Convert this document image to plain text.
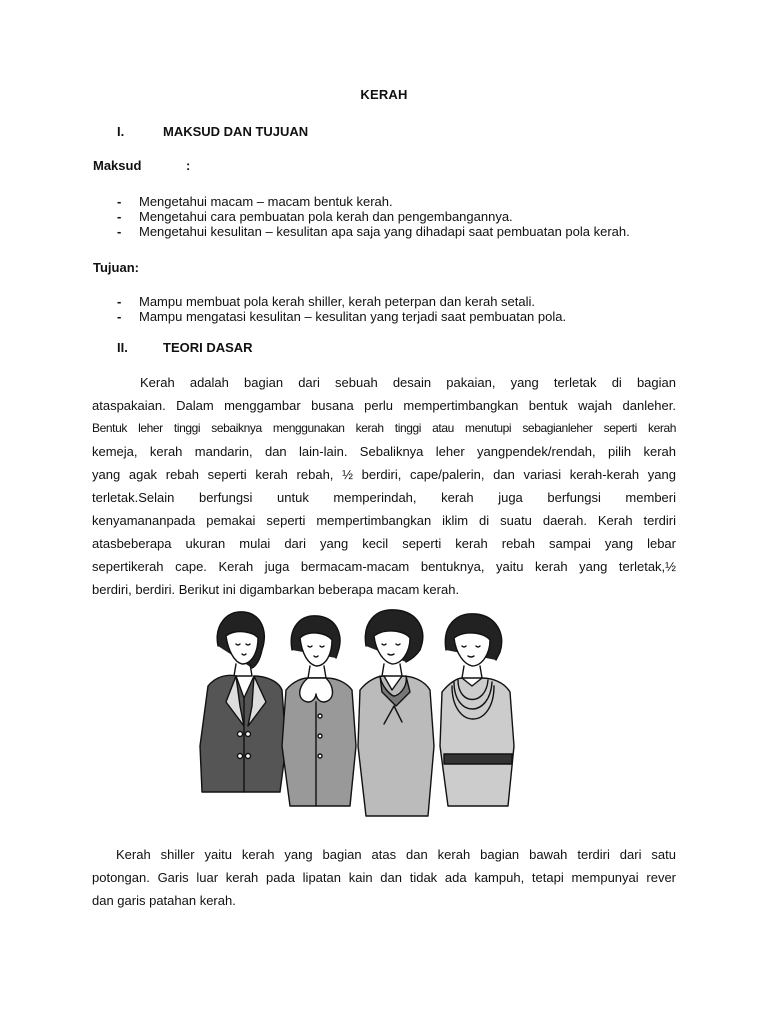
KERAH
I.	MAKSUD DAN TUJUAN
Maksud	:
- Mengetahui macam – macam bentuk kerah.
- Mengetahui cara pembuatan pola kerah dan pengembangannya.
- Mengetahui kesulitan – kesulitan apa saja yang dihadapi saat pembuatan pola kerah.
Tujuan:
- Mampu membuat pola kerah shiller, kerah peterpan dan kerah setali.
- Mampu mengatasi kesulitan – kesulitan yang terjadi saat pembuatan pola.
II.	TEORI DASAR

Kerah adalah bagian dari sebuah desain pakaian, yang terletak di bagian
ataspakaian. Dalam menggambar busana perlu mempertimbangkan bentuk wajah danleher.
Bentuk leher tinggi sebaiknya menggunakan kerah tinggi atau menutupi sebagianleher seperti kerah
kemeja, kerah mandarin, dan lain-lain. Sebaliknya leher yangpendek/rendah, pilih kerah
yang agak rebah seperti kerah rebah, ½ berdiri, cape/palerin, dan variasi kerah-kerah yang
terletak.Selain berfungsi untuk memperindah, kerah juga berfungsi memberi
kenyamananpada pemakai seperti mempertimbangkan iklim di suatu daerah. Kerah terdiri
atasbeberapa ukuran mulai dari yang kecil seperti kerah rebah sampai yang lebar
sepertikerah cape. Kerah juga bermacam-macam bentuknya, yaitu kerah yang terletak,½
berdiri, berdiri. Berikut ini digambarkan beberapa macam kerah.

Kerah shiller yaitu kerah yang bagian atas dan kerah bagian bawah terdiri dari satu
potongan. Garis luar kerah pada lipatan kain dan tidak ada kampuh, tetapi mempunyai rever
dan garis patahan kerah.
